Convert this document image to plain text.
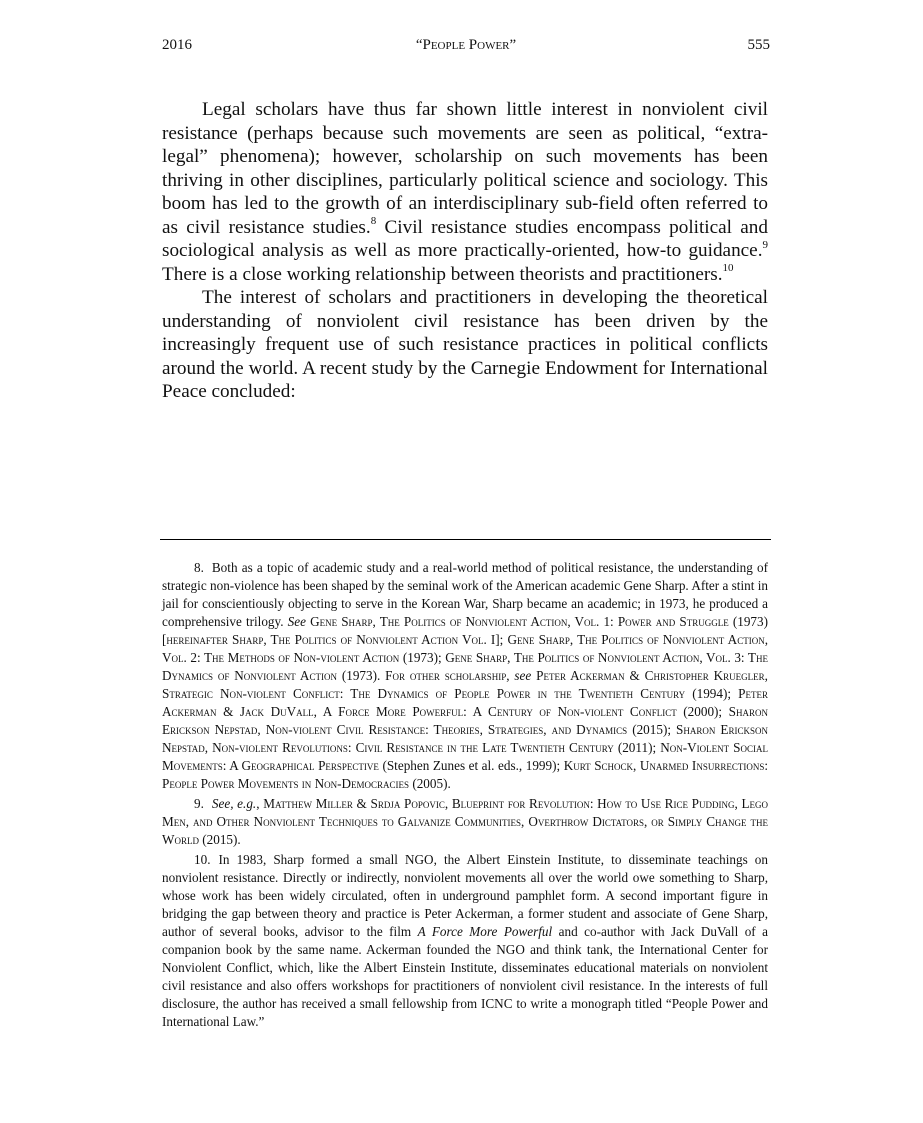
2016	“People Power”	555

Legal scholars have thus far shown little interest in nonviolent civil resistance (perhaps because such movements are seen as political, “extra-legal” phenomena); however, scholarship on such movements has been thriving in other disciplines, particularly political science and sociology. This boom has led to the growth of an interdisciplinary sub-field often referred to as civil resistance studies.$^8$ Civil resistance studies encompass political and sociological analysis as well as more practically-oriented, how-to guidance.$^9$ There is a close working relationship between theorists and practitioners.$^{10}$

The interest of scholars and practitioners in developing the theoretical understanding of nonviolent civil resistance has been driven by the increasingly frequent use of such resistance practices in political conflicts around the world. A recent study by the Carnegie Endowment for International Peace concluded:

8. Both as a topic of academic study and a real-world method of political resistance, the understanding of strategic non-violence has been shaped by the seminal work of the American academic Gene Sharp. After a stint in jail for conscientiously objecting to serve in the Korean War, Sharp became an academic; in 1973, he produced a comprehensive trilogy. See Gene Sharp, The Politics of Nonviolent Action, Vol. 1: Power and Struggle (1973) [hereinafter Sharp, The Politics of Nonviolent Action Vol. I]; Gene Sharp, The Politics of Nonviolent Action, Vol. 2: The Methods of Non-violent Action (1973); Gene Sharp, The Politics of Nonviolent Action, Vol. 3: The Dynamics of Nonviolent Action (1973). For other scholarship, see Peter Ackerman & Christopher Kruegler, Strategic Non-violent Conflict: The Dynamics of People Power in the Twentieth Century (1994); Peter Ackerman & Jack DuVall, A Force More Powerful: A Century of Non-violent Conflict (2000); Sharon Erickson Nepstad, Non-violent Civil Resistance: Theories, Strategies, and Dynamics (2015); Sharon Erickson Nepstad, Non-violent Revolutions: Civil Resistance in the Late Twentieth Century (2011); Non-Violent Social Movements: A Geographical Perspective (Stephen Zunes et al. eds., 1999); Kurt Schock, Unarmed Insurrections: People Power Movements in Non-Democracies (2005).

9. See, e.g., Matthew Miller & Srdja Popovic, Blueprint for Revolution: How to Use Rice Pudding, Lego Men, and Other Nonviolent Techniques to Galvanize Communities, Overthrow Dictators, or Simply Change the World (2015).

10. In 1983, Sharp formed a small NGO, the Albert Einstein Institute, to disseminate teachings on nonviolent resistance. Directly or indirectly, nonviolent movements all over the world owe something to Sharp, whose work has been widely circulated, often in underground pamphlet form. A second important figure in bridging the gap between theory and practice is Peter Ackerman, a former student and associate of Gene Sharp, author of several books, advisor to the film A Force More Powerful and co-author with Jack DuVall of a companion book by the same name. Ackerman founded the NGO and think tank, the International Center for Nonviolent Conflict, which, like the Albert Einstein Institute, disseminates educational materials on nonviolent civil resistance and also offers workshops for practitioners of nonviolent civil resistance. In the interests of full disclosure, the author has received a small fellowship from ICNC to write a monograph titled “People Power and International Law.”
